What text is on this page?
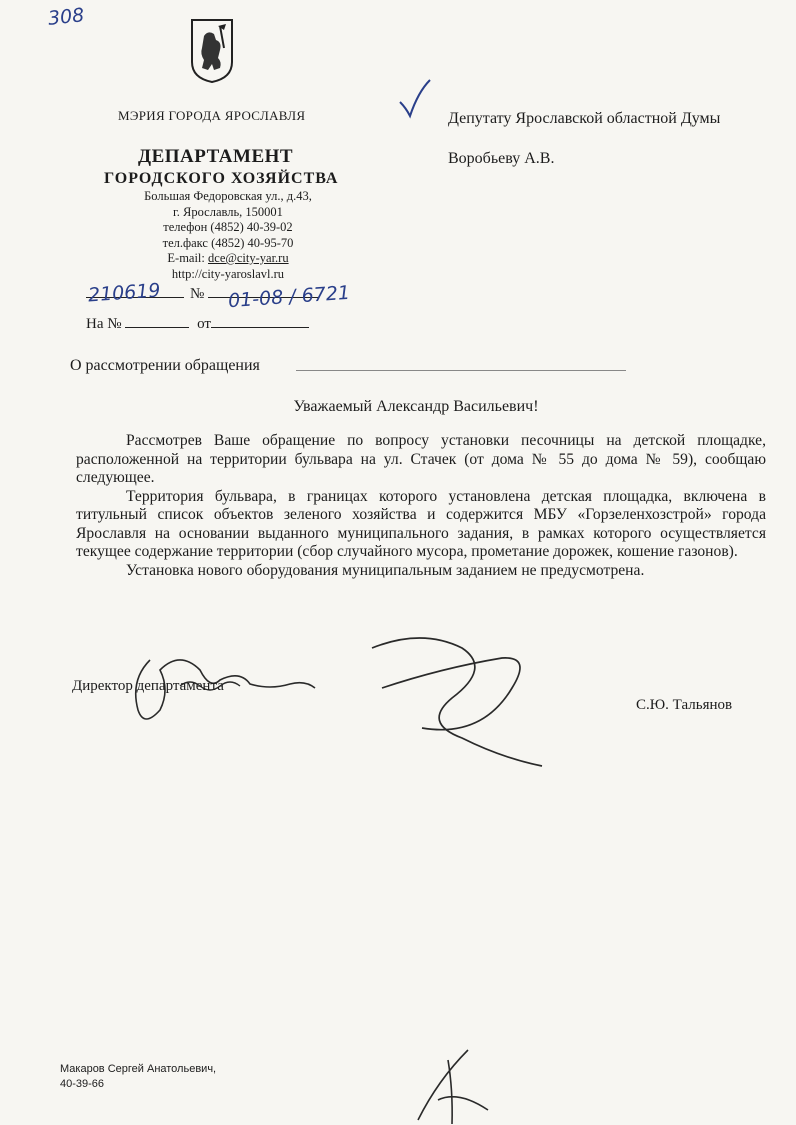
308
МЭРИЯ ГОРОДА ЯРОСЛАВЛЯ
ДЕПАРТАМЕНТ
ГОРОДСКОГО ХОЗЯЙСТВА
Большая Федоровская ул., д.43,
г. Ярославль, 150001
телефон (4852) 40-39-02
тел.факс (4852) 40-95-70
E-mail: dce@city-yar.ru
http://city-yaroslavl.ru
Депутату Ярославской областной Думы
Воробьеву А.В.
№
210619	01-08 / 6721
На №	от
О рассмотрении обращения
Уважаемый Александр Васильевич!

Рассмотрев Ваше обращение по вопросу установки песочницы на детской площадке, расположенной на территории бульвара на ул. Стачек (от дома № 55 до дома № 59), сообщаю следующее.

Территория бульвара, в границах которого установлена детская площадка, включена в титульный список объектов зеленого хозяйства и содержится МБУ «Горзеленхозстрой» города Ярославля на основании выданного муниципального задания, в рамках которого осуществляется текущее содержание территории (сбор случайного мусора, прометание дорожек, кошение газонов).

Установка нового оборудования муниципальным заданием не предусмотрена.

Директор департамента
С.Ю. Тальянов
Макаров Сергей Анатольевич,
40-39-66
